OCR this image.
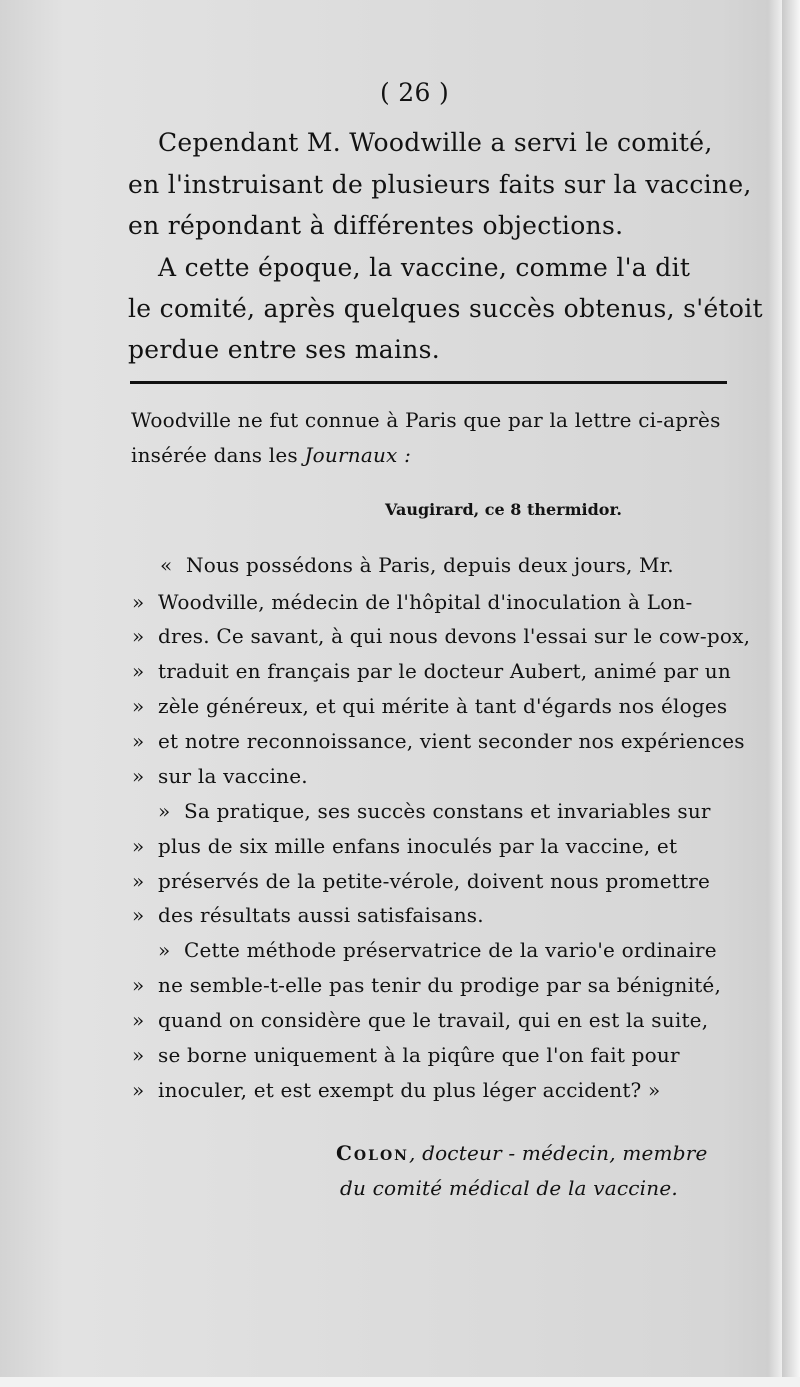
( 26 )
Cependant M. Woodwille a servi le comité,
en l'instruisant de plusieurs faits sur la vaccine,
en répondant à différentes objections.
A cette époque, la vaccine, comme l'a dit
le comité, après quelques succès obtenus, s'étoit
perdue entre ses mains.
Woodville ne fut connue à Paris que par la lettre ci-après
insérée dans les Journaux :
Vaugirard, ce 8 thermidor.
« Nous possédons à Paris, depuis deux jours, Mr.
» Woodville, médecin de l'hôpital d'inoculation à Lon-
» dres. Ce savant, à qui nous devons l'essai sur le cow-pox,
» traduit en français par le docteur Aubert, animé par un
» zèle généreux, et qui mérite à tant d'égards nos éloges
» et notre reconnoissance, vient seconder nos expériences
» sur la vaccine.
» Sa pratique, ses succès constans et invariables sur
» plus de six mille enfans inoculés par la vaccine, et
» préservés de la petite-vérole, doivent nous promettre
» des résultats aussi satisfaisans.
» Cette méthode préservatrice de la vario'e ordinaire
» ne semble-t-elle pas tenir du prodige par sa bénignité,
» quand on considère que le travail, qui en est la suite,
» se borne uniquement à la piqûre que l'on fait pour
» inoculer, et est exempt du plus léger accident? »
Colon, docteur - médecin, membre
du comité médical de la vaccine.
